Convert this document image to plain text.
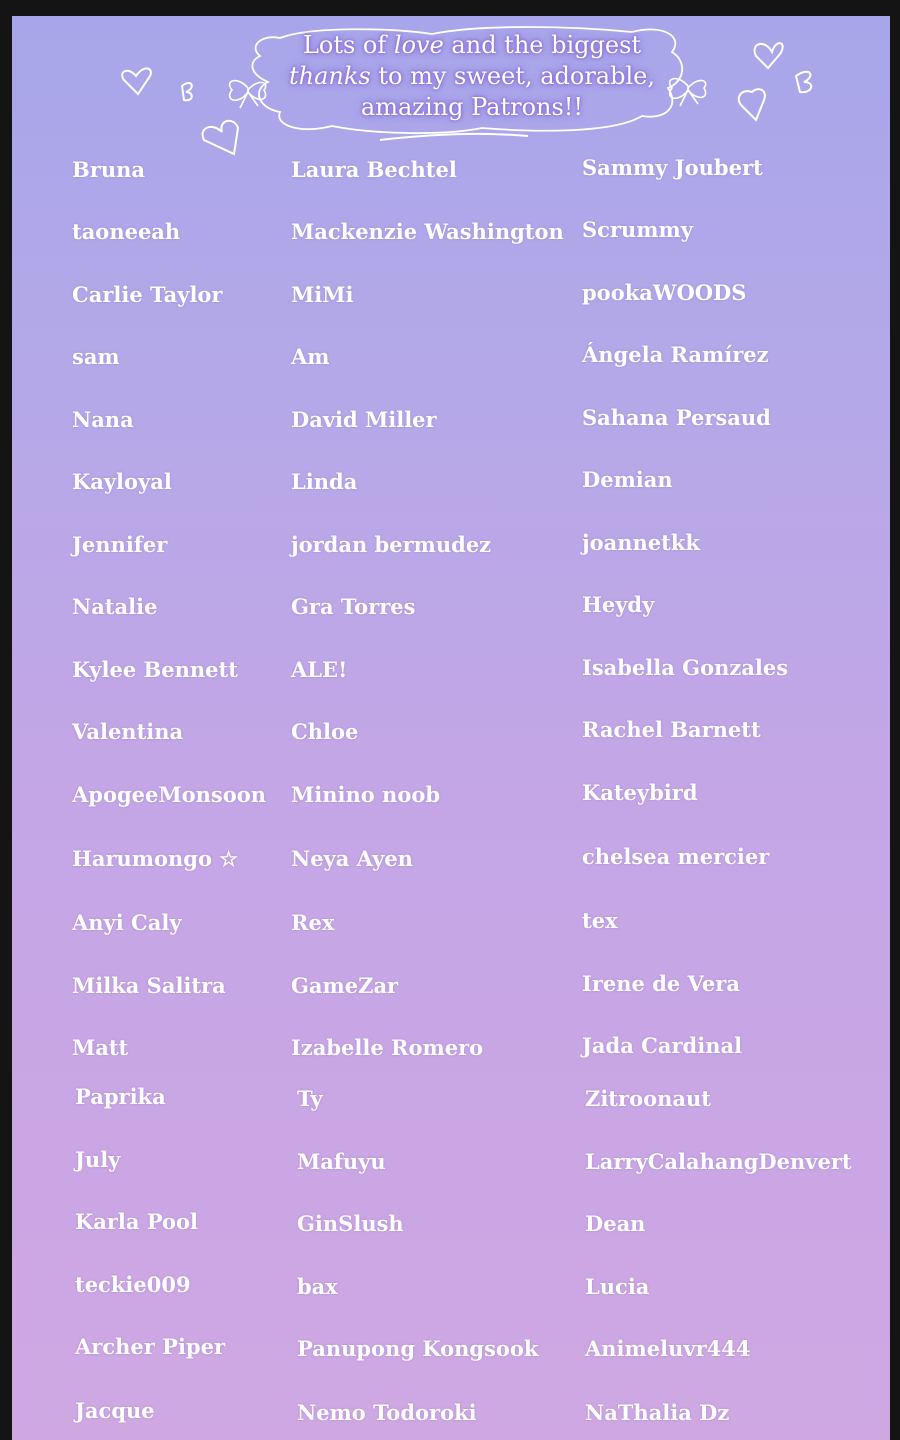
Lots of love and the biggest
thanks to my sweet, adorable,
amazing Patrons!!
Bruna
taoneeah
Carlie Taylor
sam
Nana
Kayloyal
Jennifer
Natalie
Kylee Bennett
Valentina
ApogeeMonsoon
Harumongo ☆
Anyi Caly
Milka Salitra
Matt
Paprika
July
Karla Pool
teckie009
Archer Piper
Jacque
Laura Bechtel
Mackenzie Washington
MiMi
Am
David Miller
Linda
jordan bermudez
Gra Torres
ALE!
Chloe
Minino noob
Neya Ayen
Rex
GameZar
Izabelle Romero
Ty
Mafuyu
GinSlush
bax
Panupong Kongsook
Nemo Todoroki
Sammy Joubert
Scrummy
pookaWOODS
Ángela Ramírez
Sahana Persaud
Demian
joannetkk
Heydy
Isabella Gonzales
Rachel Barnett
Kateybird
chelsea mercier
tex
Irene de Vera
Jada Cardinal
Zitroonaut
LarryCalahangDenvert
Dean
Lucia
Animeluvr444
NaThalia Dz
